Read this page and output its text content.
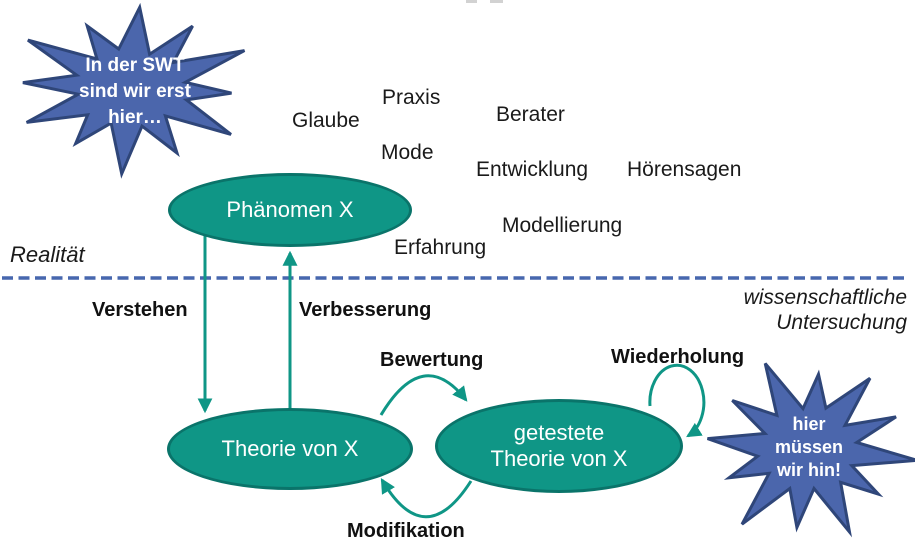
In der SWT
sind wir erst
hier…
hier
müssen
wir hin!
Phänomen X
Theorie von X
getestete
Theorie von X
Glaube
Praxis
Berater
Mode
Entwicklung Hörensagen
Modellierung
Erfahrung
Realität
wissenschaftliche
Untersuchung
Verstehen	Verbesserung
Bewertung
Modifikation
Wiederholung
